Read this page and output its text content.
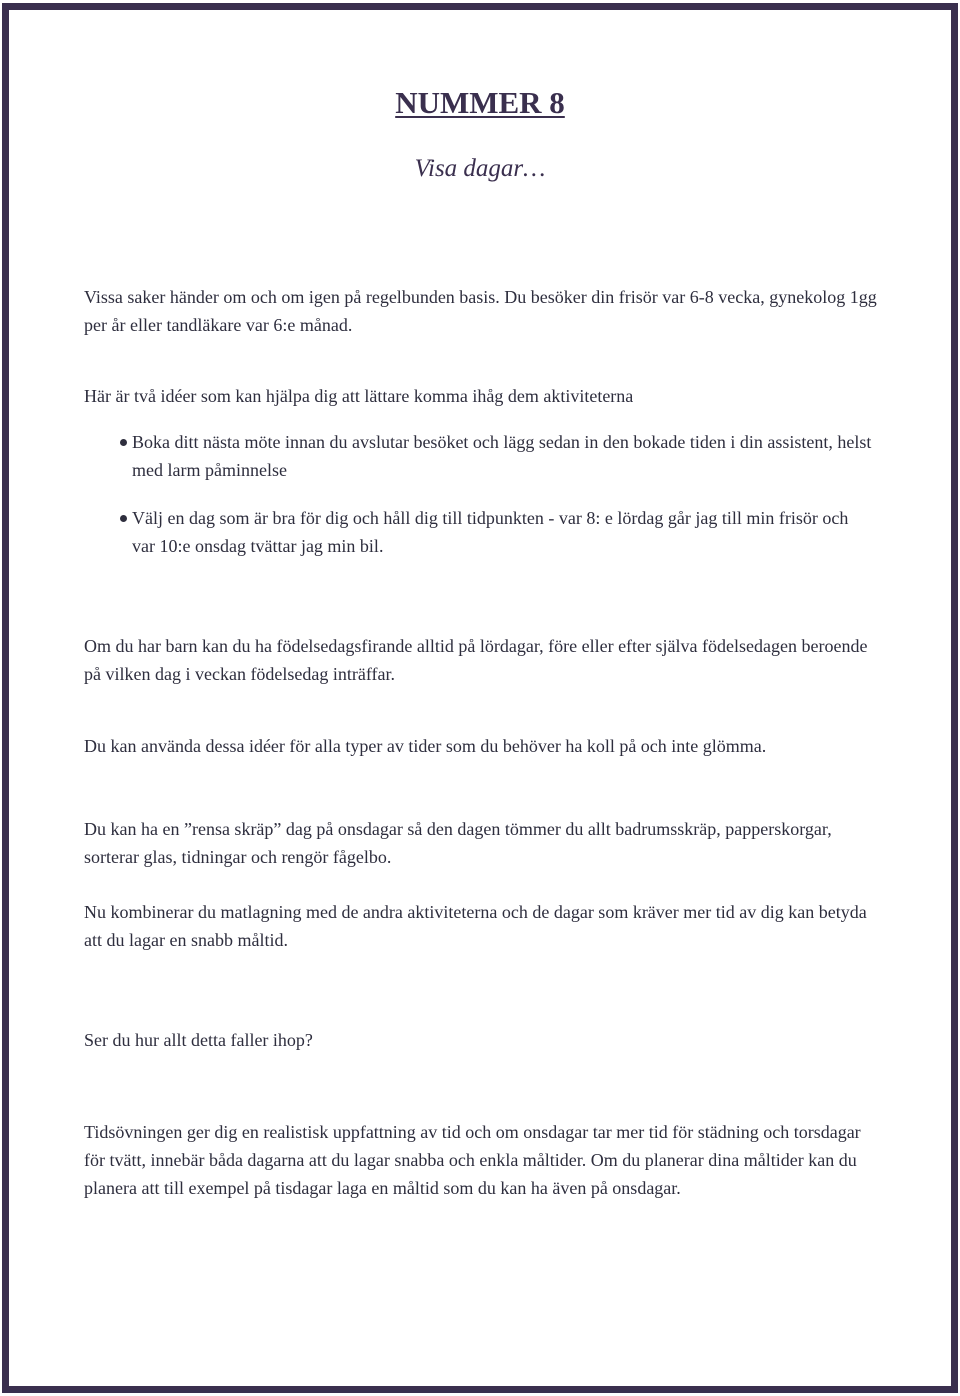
NUMMER 8
Visa dagar…
Vissa saker händer om och om igen på regelbunden basis. Du besöker din frisör var 6-8 vecka, gynekolog 1gg per år eller tandläkare var 6:e månad.
Här är två idéer som kan hjälpa dig att lättare komma ihåg dem aktiviteterna
Boka ditt nästa möte innan du avslutar besöket och lägg sedan in den bokade tiden i din assistent, helst med larm påminnelse
Välj en dag som är bra för dig och håll dig till tidpunkten - var 8: e lördag går jag till min frisör och var 10:e onsdag tvättar jag min bil.
Om du har barn kan du ha födelsedagsfirande alltid på lördagar, före eller efter själva födelsedagen beroende på vilken dag i veckan födelsedag inträffar.
Du kan använda dessa idéer för alla typer av tider som du behöver ha koll på och inte glömma.
Du kan ha en ”rensa skräp” dag på onsdagar så den dagen tömmer du allt badrumsskräp, papperskorgar, sorterar glas, tidningar och rengör fågelbo.
Nu kombinerar du matlagning med de andra aktiviteterna och de dagar som kräver mer tid av dig kan betyda att du lagar en snabb måltid.
Ser du hur allt detta faller ihop?
Tidsövningen ger dig en realistisk uppfattning av tid och om onsdagar tar mer tid för städning och torsdagar för tvätt, innebär båda dagarna att du lagar snabba och enkla måltider. Om du planerar dina måltider kan du planera att till exempel på tisdagar laga en måltid som du kan ha även på onsdagar.
